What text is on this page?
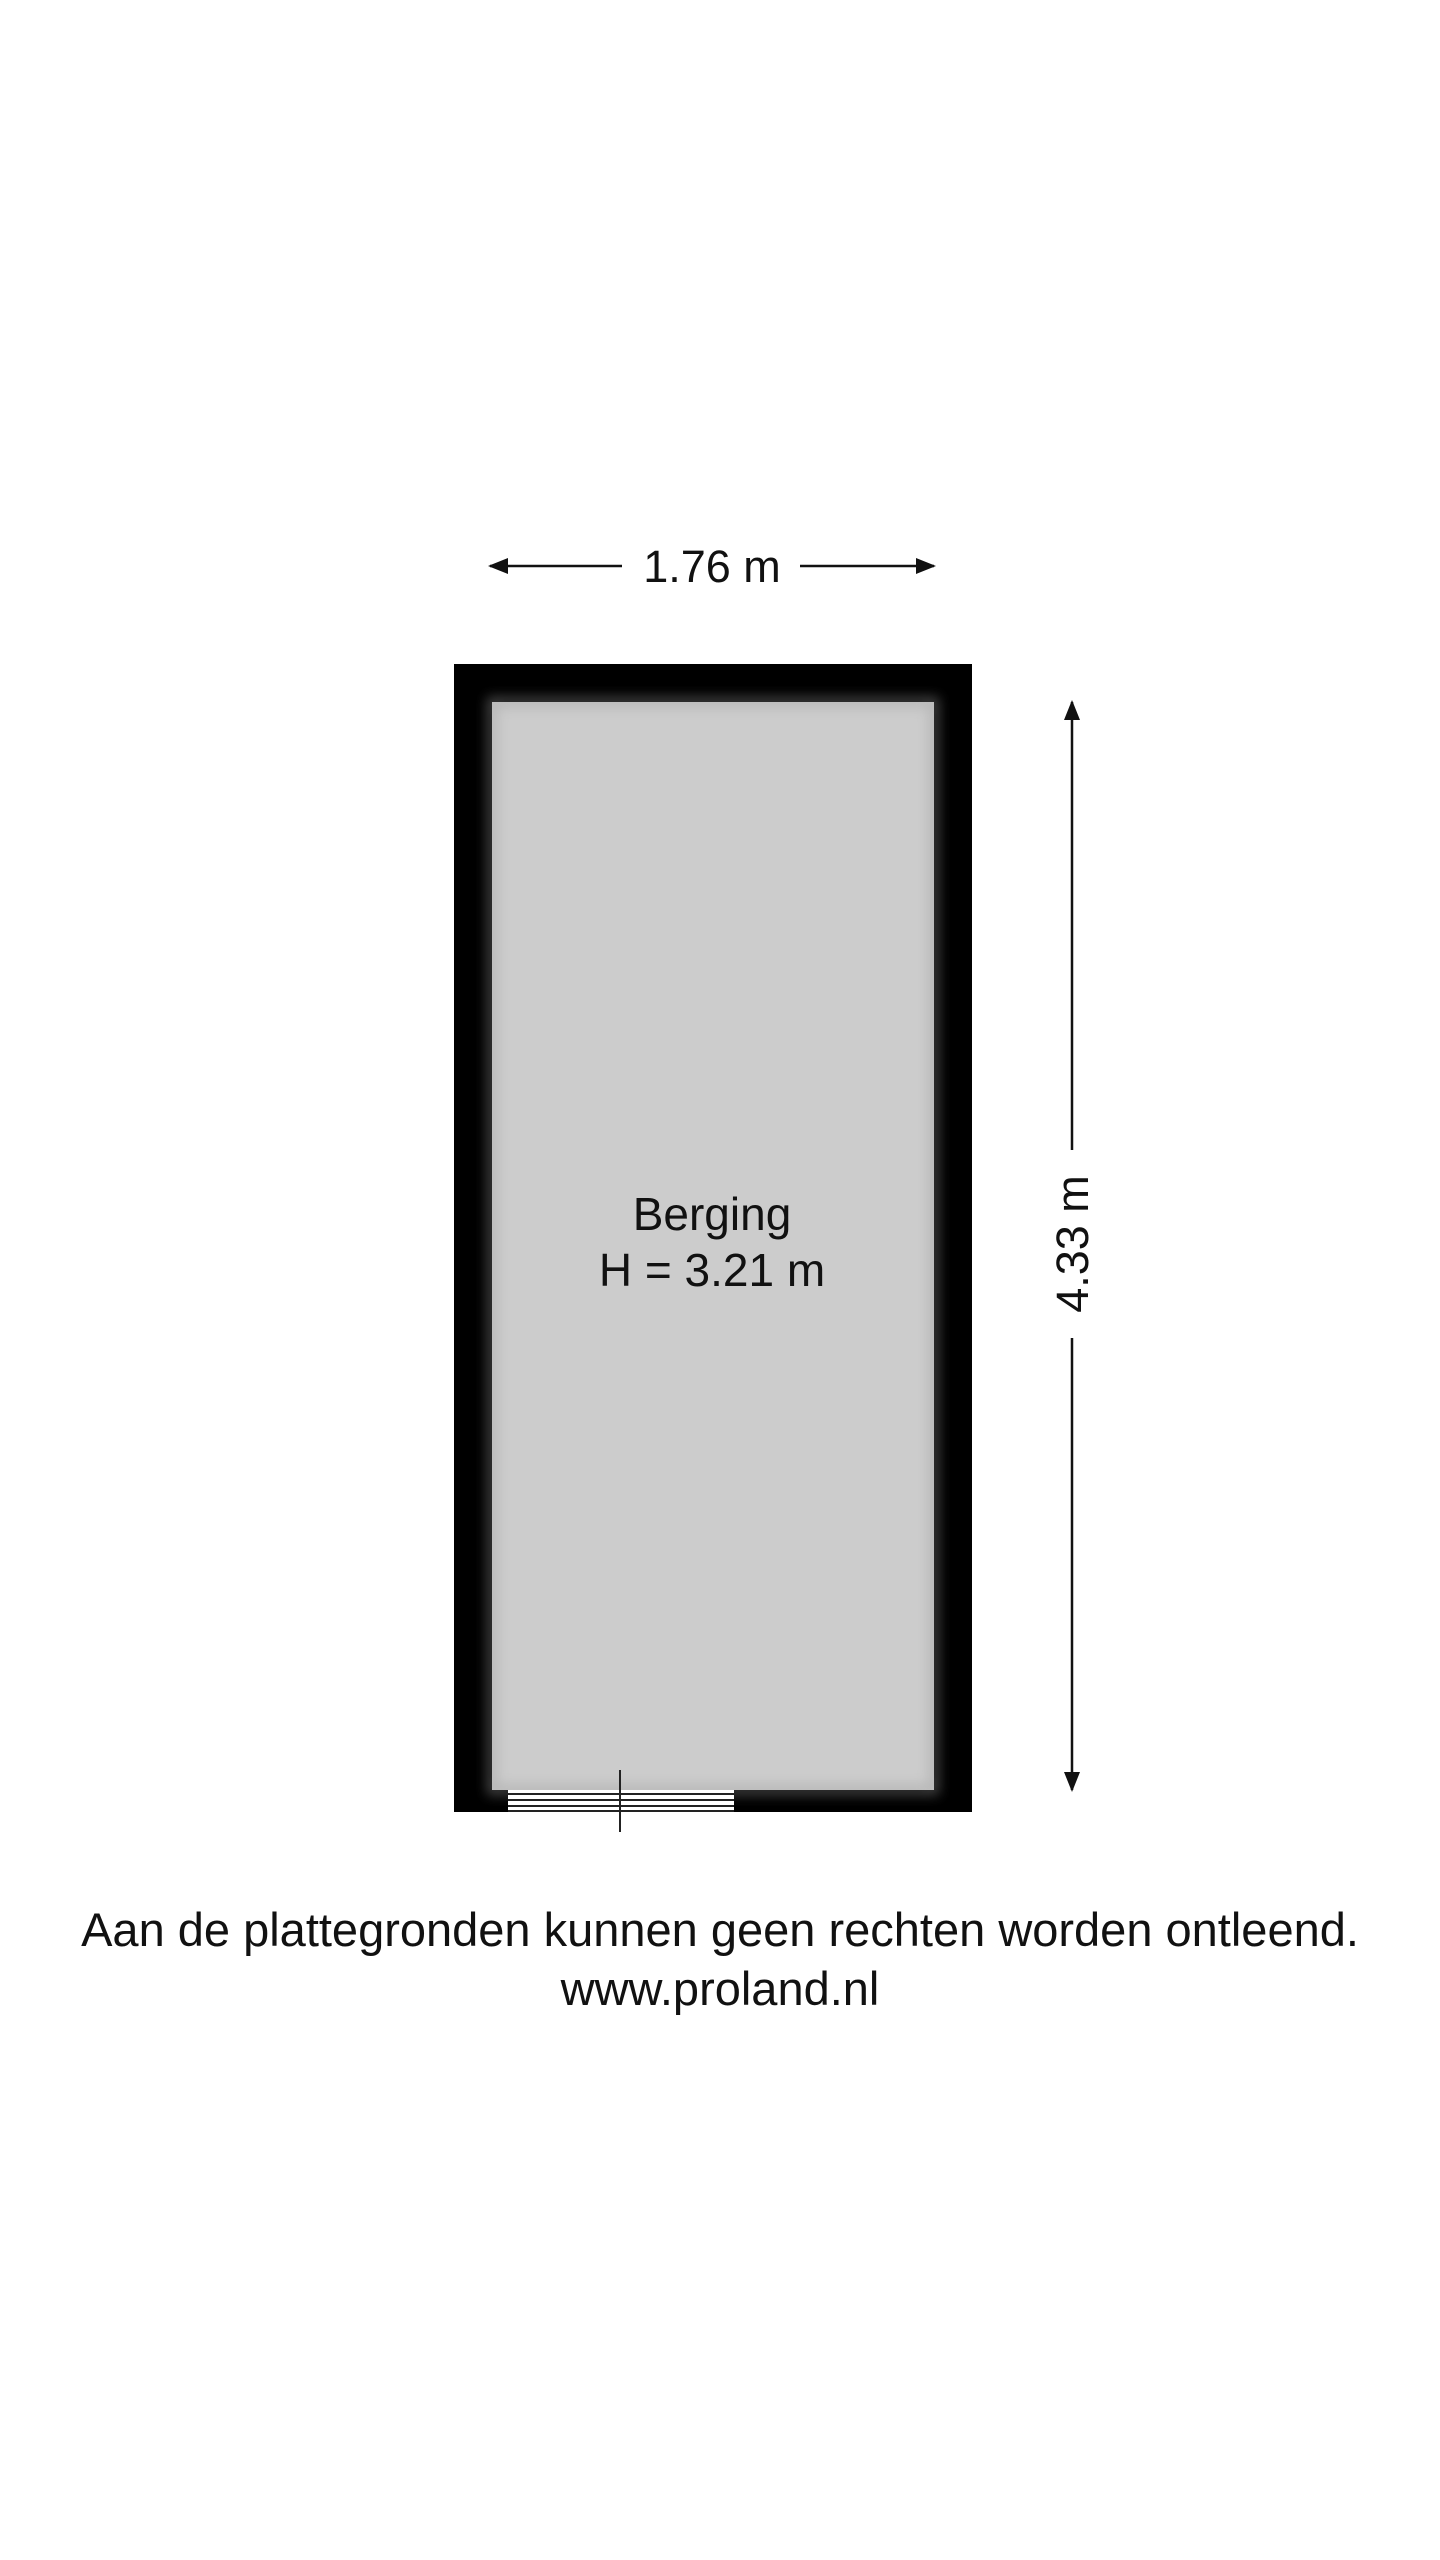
1.76 m
4.33 m
Berging
H = 3.21 m
Aan de plattegronden kunnen geen rechten worden ontleend.
www.proland.nl
